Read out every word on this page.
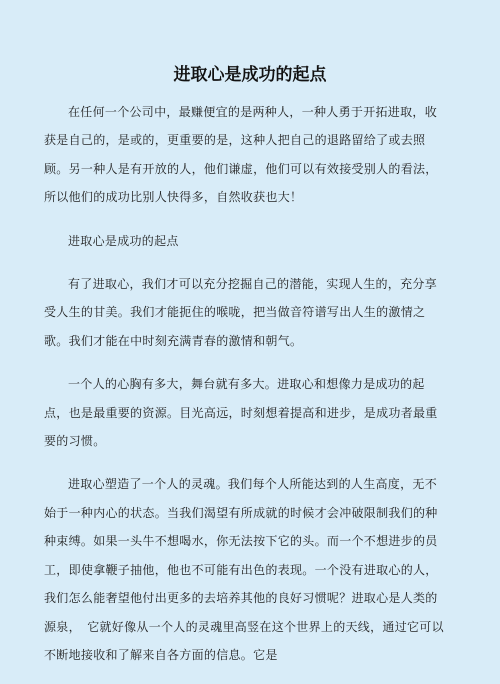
进取心是成功的起点

在任何一个公司中，最赚便宜的是两种人，一种人勇于开拓进取，收获是自己的，是或的，更重要的是，这种人把自己的退路留给了或去照顾。另一种人是有开放的人，他们谦虚，他们可以有效接受别人的看法，所以他们的成功比别人快得多，自然收获也大！

进取心是成功的起点

有了进取心，我们才可以充分挖掘自己的潜能，实现人生的，充分享受人生的甘美。我们才能扼住的喉咙，把当做音符谱写出人生的激情之歌。我们才能在中时刻充满青春的激情和朝气。

一个人的心胸有多大，舞台就有多大。进取心和想像力是成功的起点，也是最重要的资源。目光高远，时刻想着提高和进步，是成功者最重要的习惯。

进取心塑造了一个人的灵魂。我们每个人所能达到的人生高度，无不始于一种内心的状态。当我们渴望有所成就的时候才会冲破限制我们的种种束缚。如果一头牛不想喝水，你无法按下它的头。而一个不想进步的员工，即使拿鞭子抽他，他也不可能有出色的表现。一个没有进取心的人，我们怎么能奢望他付出更多的去培养其他的良好习惯呢？进取心是人类的源泉，　它就好像从一个人的灵魂里高竖在这个世界上的天线，通过它可以不断地接收和了解来自各方面的信息。它是
